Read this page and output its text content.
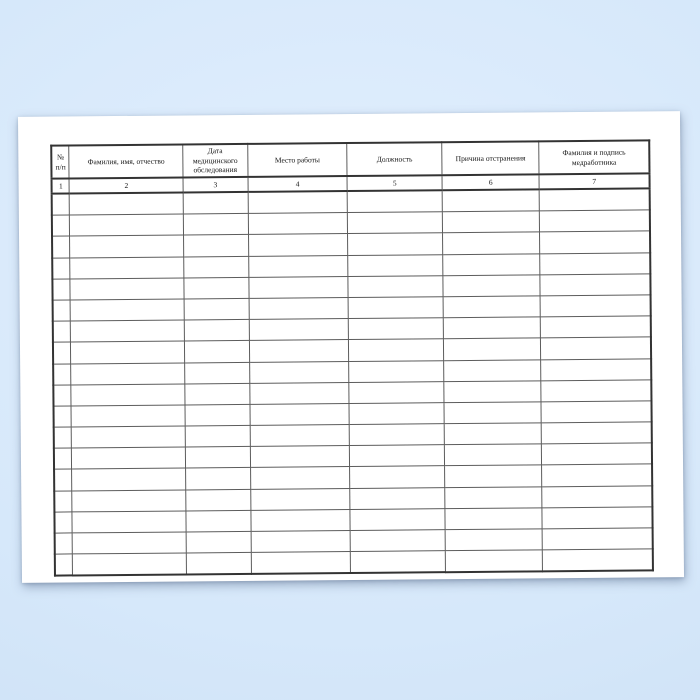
№
п/п	Фамилия, имя, отчество	Дата
медицинского
обследования	Место работы	Должность	Причина отстранения	Фамилия и подпись
медработника
1	2	3	4	5	6	7
